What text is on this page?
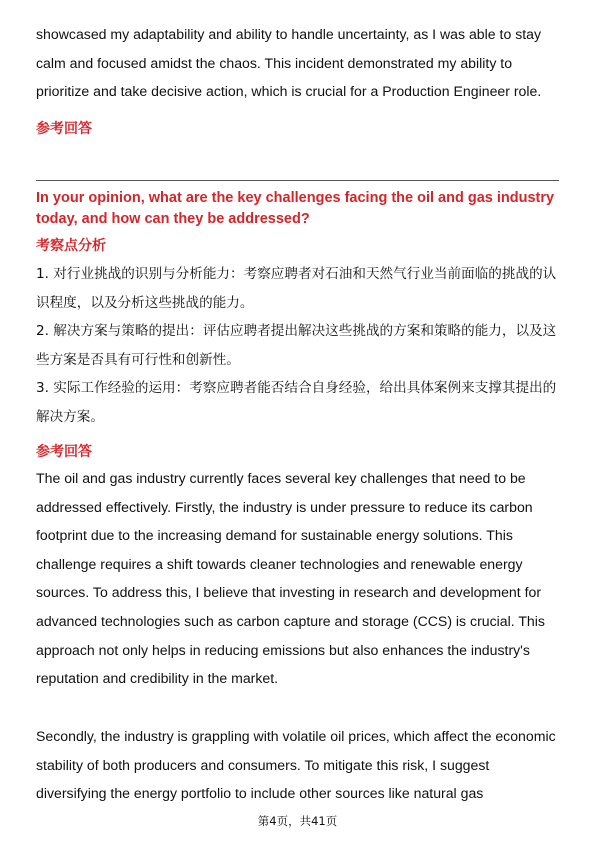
showcased my adaptability and ability to handle uncertainty, as I was able to stay calm and focused amidst the chaos. This incident demonstrated my ability to prioritize and take decisive action, which is crucial for a Production Engineer role.

参考回答
In your opinion, what are the key challenges facing the oil and gas industry today, and how can they be addressed?
考察点分析
1. 对行业挑战的识别与分析能力：考察应聘者对石油和天然气行业当前面临的挑战的认识程度，以及分析这些挑战的能力。
2. 解决方案与策略的提出：评估应聘者提出解决这些挑战的方案和策略的能力，以及这些方案是否具有可行性和创新性。
3. 实际工作经验的运用：考察应聘者能否结合自身经验，给出具体案例来支撑其提出的解决方案。
参考回答

The oil and gas industry currently faces several key challenges that need to be addressed effectively. Firstly, the industry is under pressure to reduce its carbon footprint due to the increasing demand for sustainable energy solutions. This challenge requires a shift towards cleaner technologies and renewable energy sources. To address this, I believe that investing in research and development for advanced technologies such as carbon capture and storage (CCS) is crucial. This approach not only helps in reducing emissions but also enhances the industry's reputation and credibility in the market.

Secondly, the industry is grappling with volatile oil prices, which affect the economic stability of both producers and consumers. To mitigate this risk, I suggest diversifying the energy portfolio to include other sources like natural gas

第4页，共41页
